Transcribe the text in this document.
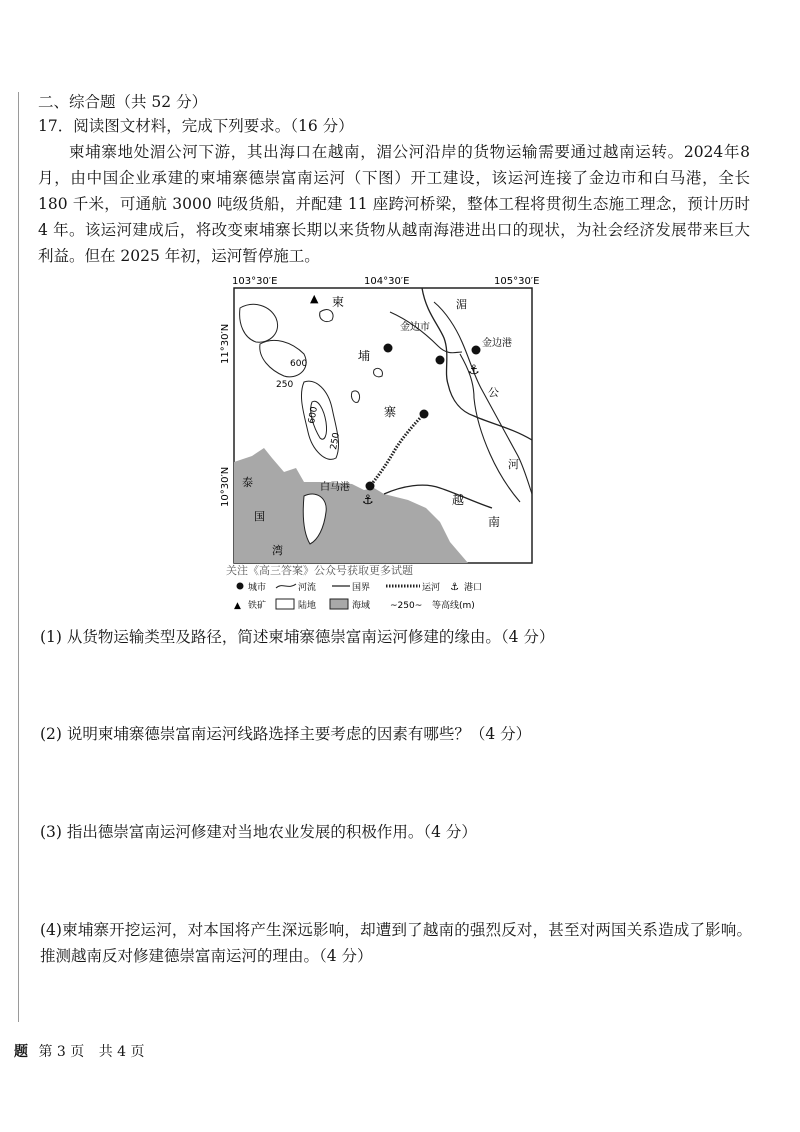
二、综合题（共 52 分）
17．阅读图文材料，完成下列要求。（16 分）
柬埔寨地处湄公河下游，其出海口在越南，湄公河沿岸的货物运输需要通过越南运转。2024年8月，由中国企业承建的柬埔寨德崇富南运河（下图）开工建设，该运河连接了金边市和白马港，全长 180 千米，可通航 3000 吨级货船，并配建 11 座跨河桥梁，整体工程将贯彻生态施工理念，预计历时 4 年。该运河建成后，将改变柬埔寨长期以来货物从越南海港进出口的现状，为社会经济发展带来巨大利益。但在 2025 年初，运河暂停施工。
103°30′E	104°30′E	105°30′E
11°30′N
10°30′N
600
250
600
250
⚓
⚓
▲
金边市
金边港
白马港
柬
埔
寨
越
南
泰
国
湾
湄
公
河
关注《高三答案》公众号获取更多试题
城市	河流	国界	运河 ⚓ 港口
▲ 铁矿	陆地	海域 ~250~ 等高线(m)
(1) 从货物运输类型及路径，简述柬埔寨德崇富南运河修建的缘由。（4 分）
(2) 说明柬埔寨德崇富南运河线路选择主要考虑的因素有哪些？（4 分）
(3) 指出德崇富南运河修建对当地农业发展的积极作用。（4 分）
(4)柬埔寨开挖运河，对本国将产生深远影响，却遭到了越南的强烈反对，甚至对两国关系造成了影响。推测越南反对修建德崇富南运河的理由。（4 分）
题 第 3 页 共 4 页
